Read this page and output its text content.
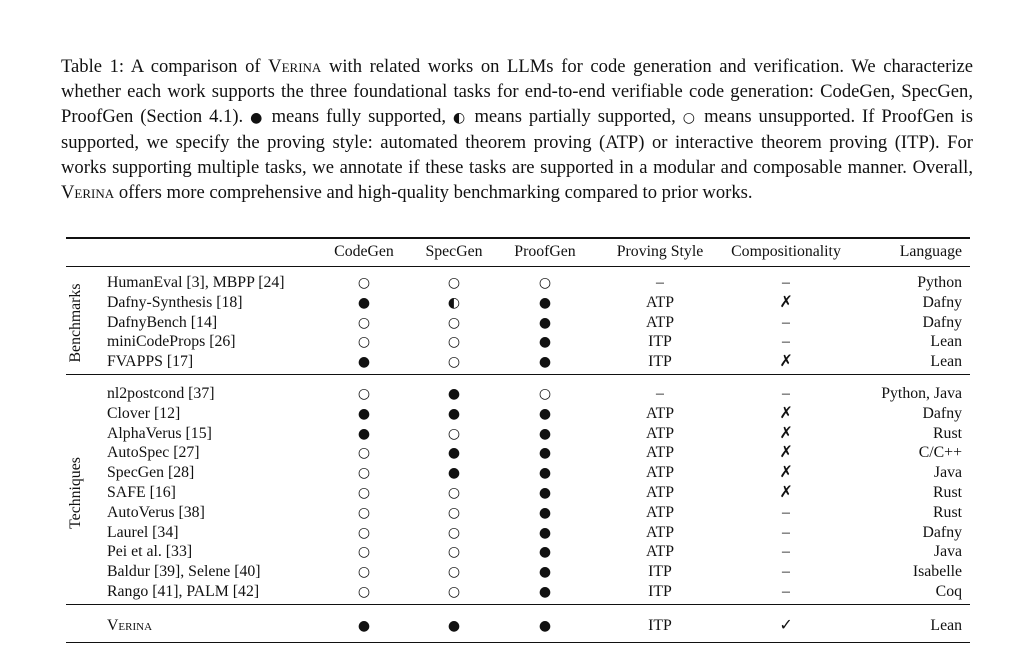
Table 1: A comparison of Verina with related works on LLMs for code generation and verification. We characterize whether each work supports the three foundational tasks for end-to-end verifiable code generation: CodeGen, SpecGen, ProofGen (Section 4.1). ● means fully supported, ◐ means partially supported, ○ means unsupported. If ProofGen is supported, we specify the proving style: automated theorem proving (ATP) or interactive theorem proving (ITP). For works supporting multiple tasks, we annotate if these tasks are supported in a modular and composable manner. Overall, Verina offers more comprehensive and high-quality benchmarking compared to prior works.
CodeGen	SpecGen	ProofGen	Proving Style	Compositionality	Language
HumanEval [3], MBPP [24]	○	○	○	–	–	Python
Dafny-Synthesis [18]	●	◐	●	ATP	✗	Dafny
DafnyBench [14]	○	○	●	ATP	–	Dafny
miniCodeProps [26]	○	○	●	ITP	–	Lean
FVAPPS [17]	●	○	●	ITP	✗	Lean
Benchmarks
nl2postcond [37]	○	●	○	–	–	Python, Java
Clover [12]	●	●	●	ATP	✗	Dafny
AlphaVerus [15]	●	○	●	ATP	✗	Rust
AutoSpec [27]	○	●	●	ATP	✗	C/C++
SpecGen [28]	○	●	●	ATP	✗	Java
SAFE [16]	○	○	●	ATP	✗	Rust
AutoVerus [38]	○	○	●	ATP	–	Rust
Laurel [34]	○	○	●	ATP	–	Dafny
Pei et al. [33]	○	○	●	ATP	–	Java
Baldur [39], Selene [40]	○	○	●	ITP	–	Isabelle
Rango [41], PALM [42]	○	○	●	ITP	–	Coq
Techniques
Verina	●	●	●	ITP	✓	Lean
